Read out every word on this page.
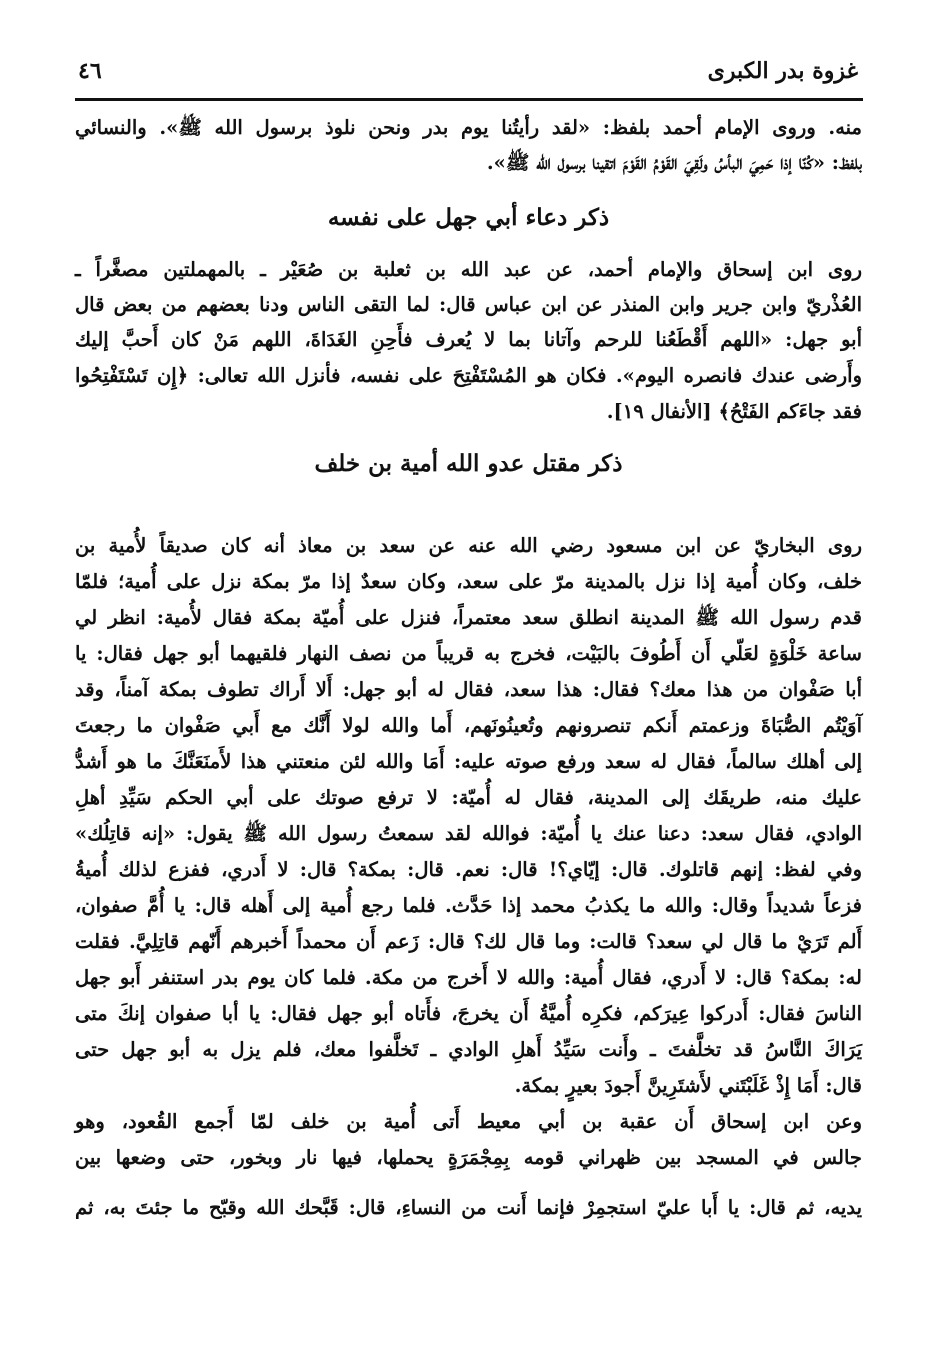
٤٦	غزوة بدر الكبرى
منه. وروى الإمام أحمد بلفظ: «لقد رأيتُنا يوم بدر ونحن نلوذ برسول الله ﷺ». والنسائي
بلفظ: «كُنّا إذا حَمِيَ البأسُ ولَقِيَ القَوْمُ القَوْمَ اتقينا برسول الله ﷺ».
ذكر دعاء أبي جهل على نفسه
روى ابن إسحاق والإمام أحمد، عن عبد الله بن ثعلبة بن صُعَيْر ـ بالمهملتين مصغَّراً ـ
العُذْريّ وابن جرير وابن المنذر عن ابن عباس قال: لما التقى الناس ودنا بعضهم من بعض قال
أبو جهل: «اللهم أَقْطَعُنا للرحم وآتانا بما لا يُعرف فأَحِنِ الغَدَاةَ، اللهم مَنْ كان أَحبَّ إليك
وأَرضى عندك فانصره اليوم». فكان هو المُسْتَفْتِحَ على نفسه، فأنزل الله تعالى: ﴿إِن تَسْتَفْتِحُوا
فقد جاءَكم الفَتْحُ﴾ [الأنفال ١٩].
ذكر مقتل عدو الله أمية بن خلف
روى البخاريّ عن ابن مسعود رضي الله عنه عن سعد بن معاذ أنه كان صديقاً لأُمية بن
خلف، وكان أُمية إذا نزل بالمدينة مرّ على سعد، وكان سعدٌ إذا مرّ بمكة نزل على أُمية؛ فلمّا
قدم رسول الله ﷺ المدينة انطلق سعد معتمراً، فنزل على أُميّة بمكة فقال لأُمية: انظر لي
ساعة خَلْوَةٍ لعَلّي أَن أَطُوفَ بالبَيْت، فخرج به قريباً من نصف النهار فلقيهما أبو جهل فقال: يا
أبا صَفْوان من هذا معك؟ فقال: هذا سعد، فقال له أبو جهل: أَلا أَراك تطوف بمكة آمناً، وقد
آوَيْتُم الصُّبَاةَ وزعمتم أَنكم تنصرونهم وتُعينُونَهم، أَما والله لولا أَنَّك مع أَبي صَفْوان ما رجعتَ
إلى أهلك سالماً، فقال له سعد ورفع صوته عليه: أَمَا والله لئن منعتني هذا لأَمنَعَنَّكَ ما هو أَشدُّ
عليك منه، طريقَك إلى المدينة، فقال له أُميّة: لا ترفع صوتك على أبي الحكم سَيِّدِ أهلِ
الوادي، فقال سعد: دعنا عنك يا أُميّة: فوالله لقد سمعتُ رسول الله ﷺ يقول: «إنه قاتِلُك»
وفي لفظ: إنهم قاتلوك. قال: إيّاي؟! قال: نعم. قال: بمكة؟ قال: لا أَدري، ففزع لذلك أُميةُ
فزعاً شديداً وقال: والله ما يكذبُ محمد إذا حَدَّث. فلما رجع أُمية إلى أَهله قال: يا أُمَّ صفوان،
أَلم تَرَيْ ما قال لي سعد؟ قالت: وما قال لك؟ قال: زَعم أَن محمداً أَخبرهم أَنّهم قاتِلِيَّ. فقلت
له: بمكة؟ قال: لا أَدري، فقال أُمية: والله لا أَخرج من مكة. فلما كان يوم بدر استنفر أَبو جهل
الناسَ فقال: أَدركوا عِيرَكم، فكرِه أُميَّةُ أَن يخرجَ، فأَتاه أبو جهل فقال: يا أبا صفوان إنكَ متى
يَرَاكَ النَّاسُ قد تخلَّفتَ ـ وأَنت سَيِّدُ أَهلِ الوادي ـ تَخلَّفوا معك، فلم يزل به أبو جهل حتى
قال: أَمَا إِذْ غَلَبْتَني لأَشتَرِينَّ أَجودَ بعيرٍ بمكة.
وعن ابن إسحاق أَن عقبة بن أبي معيط أَتى أُمية بن خلف لمّا أَجمع القُعود، وهو
جالس في المسجد بين ظهراني قومه بِمِجْمَرَةٍ يحملها، فيها نار وبخور، حتى وضعها بين
يديه، ثم قال: يا أَبا عليّ استجمِرْ فإنما أَنت من النساءِ، قال: قَبَّحك الله وقبّح ما جئتَ به، ثم
